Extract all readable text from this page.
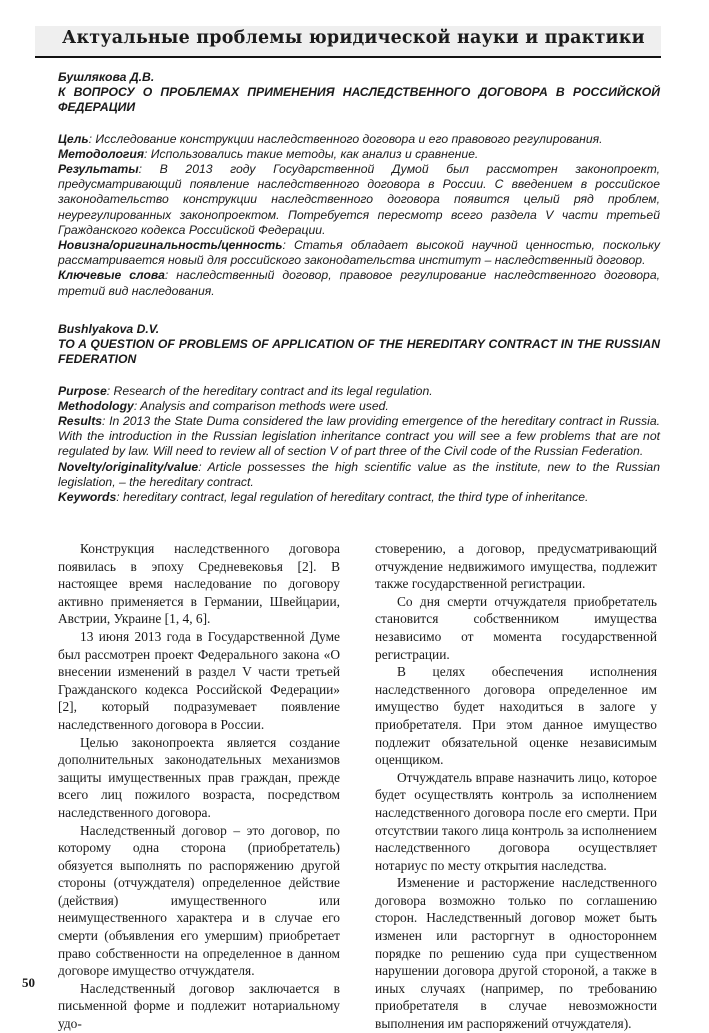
Актуальные проблемы юридической науки и практики

Бушлякова Д.В.

К ВОПРОСУ О ПРОБЛЕМАХ ПРИМЕНЕНИЯ НАСЛЕДСТВЕННОГО ДОГОВОРА В РОССИЙСКОЙ ФЕДЕРАЦИИ

Цель: Исследование конструкции наследственного договора и его правового регулирования.

Методология: Использовались такие методы, как анализ и сравнение.

Результаты: В 2013 году Государственной Думой был рассмотрен законопроект, предусматривающий появление наследственного договора в России. С введением в российское законодательство конструкции наследственного договора появится целый ряд проблем, неурегулированных законопроектом. Потребуется пересмотр всего раздела V части третьей Гражданского кодекса Российской Федерации.

Новизна/оригинальность/ценность: Статья обладает высокой научной ценностью, поскольку рассматривается новый для российского законодательства институт – наследственный договор.

Ключевые слова: наследственный договор, правовое регулирование наследственного договора, третий вид наследования.

Bushlyakova D.V.

TO A QUESTION OF PROBLEMS OF APPLICATION OF THE HEREDITARY CONTRACT IN THE RUSSIAN FEDERATION

Purpose: Research of the hereditary contract and its legal regulation.

Methodology: Analysis and comparison methods were used.

Results: In 2013 the State Duma considered the law providing emergence of the hereditary contract in Russia. With the introduction in the Russian legislation inheritance contract you will see a few problems that are not regulated by law. Will need to review all of section V of part three of the Civil code of the Russian Federation.

Novelty/originality/value: Article possesses the high scientific value as the institute, new to the Russian legislation, – the hereditary contract.

Keywords: hereditary contract, legal regulation of hereditary contract, the third type of inheritance.

Конструкция наследственного договора появилась в эпоху Средневековья [2]. В настоящее время наследование по договору активно применяется в Германии, Швейцарии, Австрии, Украине [1, 4, 6].

13 июня 2013 года в Государственной Думе был рассмотрен проект Федерального закона «О внесении изменений в раздел V части третьей Гражданского кодекса Российской Федерации» [2], который подразумевает появление наследственного договора в России.

Целью законопроекта является создание дополнительных законодательных механизмов защиты имущественных прав граждан, прежде всего лиц пожилого возраста, посредством наследственного договора.

Наследственный договор – это договор, по которому одна сторона (приобретатель) обязуется выполнять по распоряжению другой стороны (отчуждателя) определенное действие (действия) имущественного или неимущественного характера и в случае его смерти (объявления его умершим) приобретает право собственности на определенное в данном договоре имущество отчуждателя.

Наследственный договор заключается в письменной форме и подлежит нотариальному удо-

стоверению, а договор, предусматривающий отчуждение недвижимого имущества, подлежит также государственной регистрации.

Со дня смерти отчуждателя приобретатель становится собственником имущества независимо от момента государственной регистрации.

В целях обеспечения исполнения наследственного договора определенное им имущество будет находиться в залоге у приобретателя. При этом данное имущество подлежит обязательной оценке независимым оценщиком.

Отчуждатель вправе назначить лицо, которое будет осуществлять контроль за исполнением наследственного договора после его смерти. При отсутствии такого лица контроль за исполнением наследственного договора осуществляет нотариус по месту открытия наследства.

Изменение и расторжение наследственного договора возможно только по соглашению сторон. Наследственный договор может быть изменен или расторгнут в одностороннем порядке по решению суда при существенном нарушении договора другой стороной, а также в иных случаях (например, по требованию приобретателя в случае невозможности выполнения им распоряжений отчуждателя).

50
